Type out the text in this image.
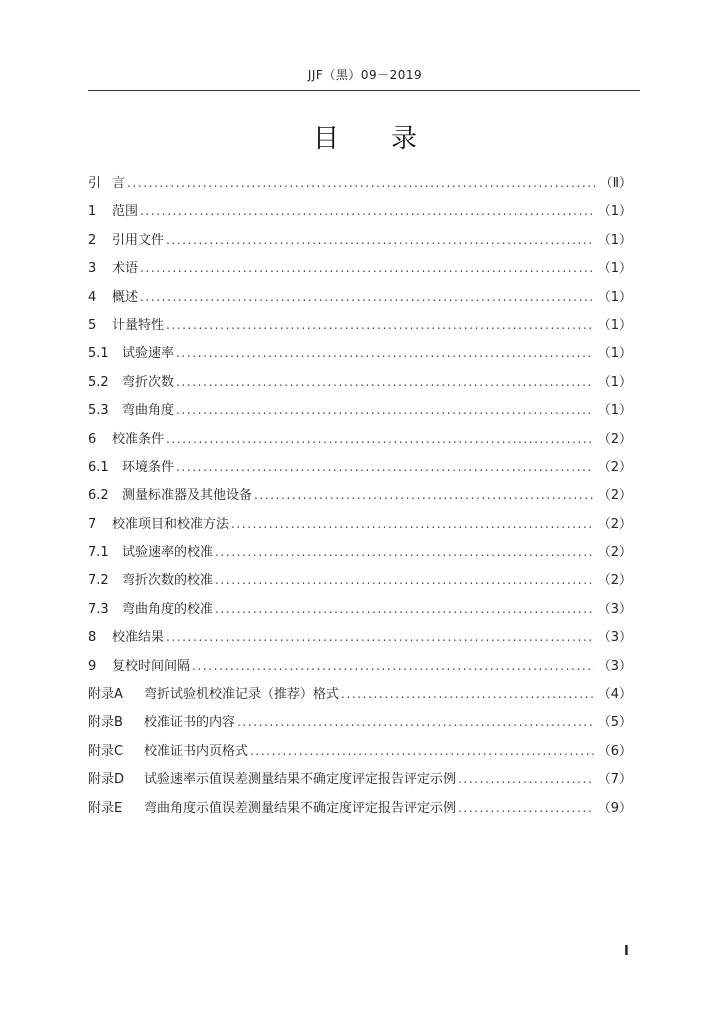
JJF（黑）09－2019
目 录
引 言 .....	（Ⅱ）
1 范围 .....	（1）
2 引用文件 .....	（1）
3 术语 .....	（1）
4 概述 .....	（1）
5 计量特性 .....	（1）
5.1 试验速率 .....	（1）
5.2 弯折次数 .....	（1）
5.3 弯曲角度 .....	（1）
6 校准条件 .....	（2）
6.1 环境条件 .....	（2）
6.2 测量标准器及其他设备 .....	（2）
7 校准项目和校准方法 .....	（2）
7.1 试验速率的校准 .....	（2）
7.2 弯折次数的校准 .....	（2）
7.3 弯曲角度的校准 .....	（3）
8 校准结果 .....	（3）
9 复校时间间隔 .....	（3）
附录A 弯折试验机校准记录（推荐）格式 .....	（4）
附录B 校准证书的内容 .....	（5）
附录C 校准证书内页格式 .....	（6）
附录D 试验速率示值误差测量结果不确定度评定报告评定示例 .....	（7）
附录E 弯曲角度示值误差测量结果不确定度评定报告评定示例 .....	（9）
I
